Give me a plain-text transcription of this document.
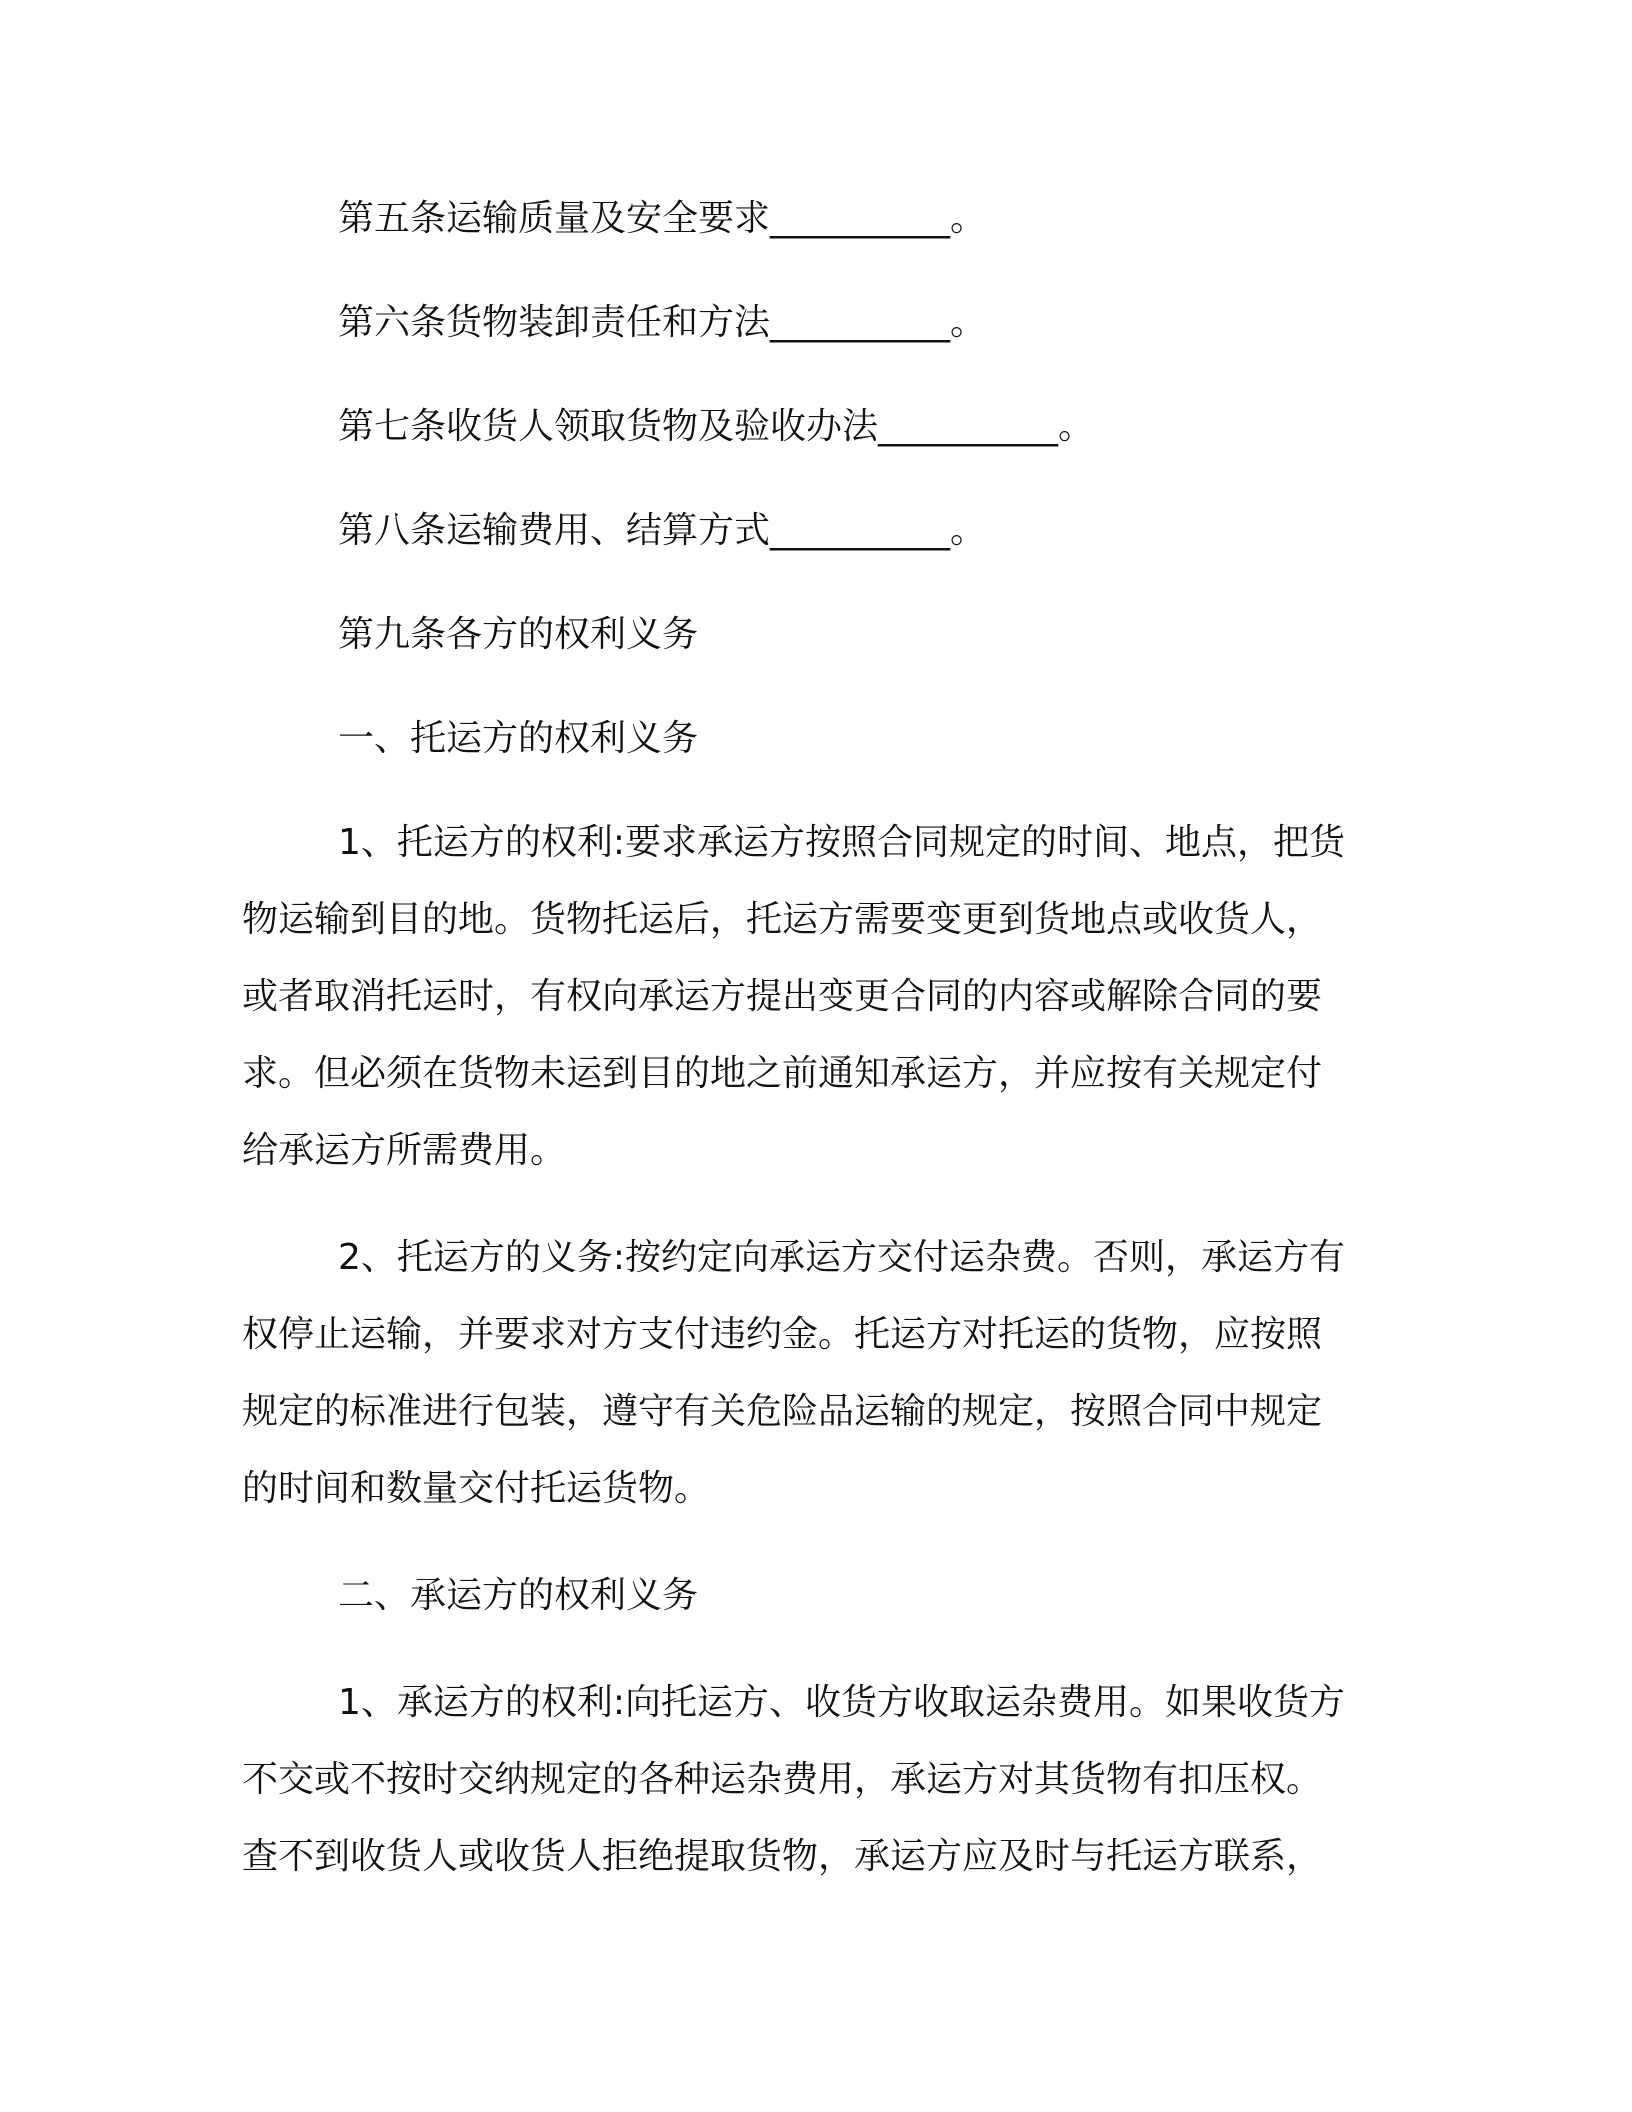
第五条运输质量及安全要求__________。
第六条货物装卸责任和方法__________。
第七条收货人领取货物及验收办法__________。
第八条运输费用、结算方式__________。
第九条各方的权利义务
一、托运方的权利义务
1、托运方的权利:要求承运方按照合同规定的时间、地点，把货
物运输到目的地。货物托运后，托运方需要变更到货地点或收货人，
或者取消托运时，有权向承运方提出变更合同的内容或解除合同的要
求。但必须在货物未运到目的地之前通知承运方，并应按有关规定付
给承运方所需费用。
2、托运方的义务:按约定向承运方交付运杂费。否则，承运方有
权停止运输，并要求对方支付违约金。托运方对托运的货物，应按照
规定的标准进行包装，遵守有关危险品运输的规定，按照合同中规定
的时间和数量交付托运货物。
二、承运方的权利义务
1、承运方的权利:向托运方、收货方收取运杂费用。如果收货方
不交或不按时交纳规定的各种运杂费用，承运方对其货物有扣压权。
查不到收货人或收货人拒绝提取货物，承运方应及时与托运方联系，
